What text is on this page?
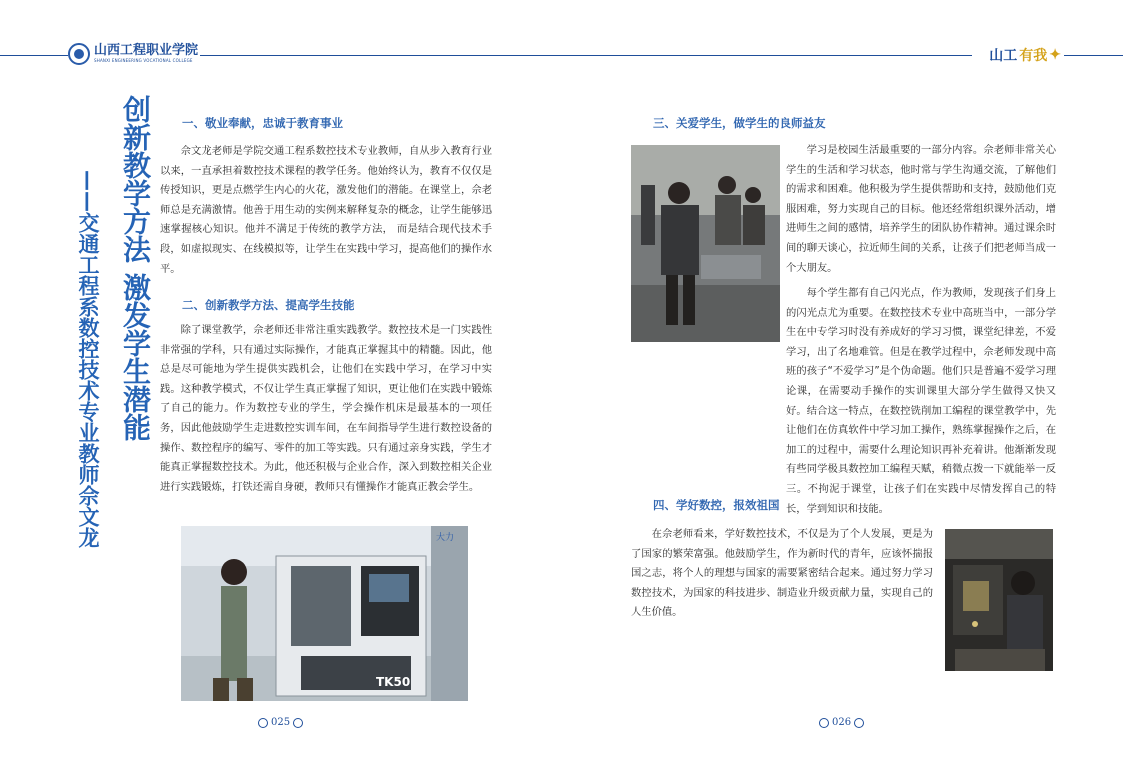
山西工程职业学院
SHANXI ENGINEERING VOCATIONAL COLLEGE	山工 有我 ✦
创新教学方法 激发学生潜能
——交通工程系数控技术专业教师佘文龙
一、敬业奉献，忠诚于教育事业

佘文龙老师是学院交通工程系数控技术专业教师，自从步入教育行业以来，一直承担着数控技术课程的教学任务。他始终认为，教育不仅仅是传授知识，更是点燃学生内心的火花，激发他们的潜能。在课堂上，佘老师总是充满激情。他善于用生动的实例来解释复杂的概念，让学生能够迅速掌握核心知识。他并不满足于传统的教学方法， 而是结合现代技术手段，如虚拟现实、在线模拟等，让学生在实践中学习，提高他们的操作水平。

二、创新教学方法、提高学生技能

除了课堂教学，佘老师还非常注重实践教学。数控技术是一门实践性非常强的学科，只有通过实际操作，才能真正掌握其中的精髓。因此，他总是尽可能地为学生提供实践机会，让他们在实践中学习，在学习中实践。这种教学模式，不仅让学生真正掌握了知识，更让他们在实践中锻炼了自己的能力。作为数控专业的学生，学会操作机床是最基本的一项任务，因此他鼓励学生走进数控实训车间，在车间指导学生进行数控设备的操作、数控程序的编写、零件的加工等实践。只有通过亲身实践，学生才能真正掌握数控技术。为此，他还积极与企业合作，深入到数控相关企业进行实践锻炼，打铁还需自身硬，教师只有懂操作才能真正教会学生。

大力
TK50
025
三、关爱学生，做学生的良师益友

学习是校园生活最重要的一部分内容。佘老师非常关心学生的生活和学习状态，他时常与学生沟通交流，了解他们的需求和困难。他积极为学生提供帮助和支持，鼓励他们克服困难，努力实现自己的目标。他还经常组织课外活动，增进师生之间的感情，培养学生的团队协作精神。通过课余时间的聊天谈心，拉近师生间的关系，让孩子们把老师当成一个大朋友。

每个学生都有自己闪光点，作为教师，发现孩子们身上的闪光点尤为重要。在数控技术专业中高班当中，一部分学生在中专学习时没有养成好的学习习惯，课堂纪律差，不爱学习，出了名地难管。但是在教学过程中，佘老师发现中高班的孩子“不爱学习”是个伪命题。他们只是普遍不爱学习理论课，在需要动手操作的实训课里大部分学生做得又快又好。结合这一特点，在数控铣削加工编程的课堂教学中，先让他们在仿真软件中学习加工操作，熟练掌握操作之后，在加工的过程中，需要什么理论知识再补充着讲。他渐渐发现有些同学极具数控加工编程天赋，稍微点拨一下就能举一反三。不拘泥于课堂，让孩子们在实践中尽情发挥自己的特长，学到知识和技能。

四、学好数控，报效祖国

在佘老师看来，学好数控技术，不仅是为了个人发展，更是为了国家的繁荣富强。他鼓励学生，作为新时代的青年，应该怀揣报国之志，将个人的理想与国家的需要紧密结合起来。通过努力学习数控技术，为国家的科技进步、制造业升级贡献力量，实现自己的人生价值。

026
